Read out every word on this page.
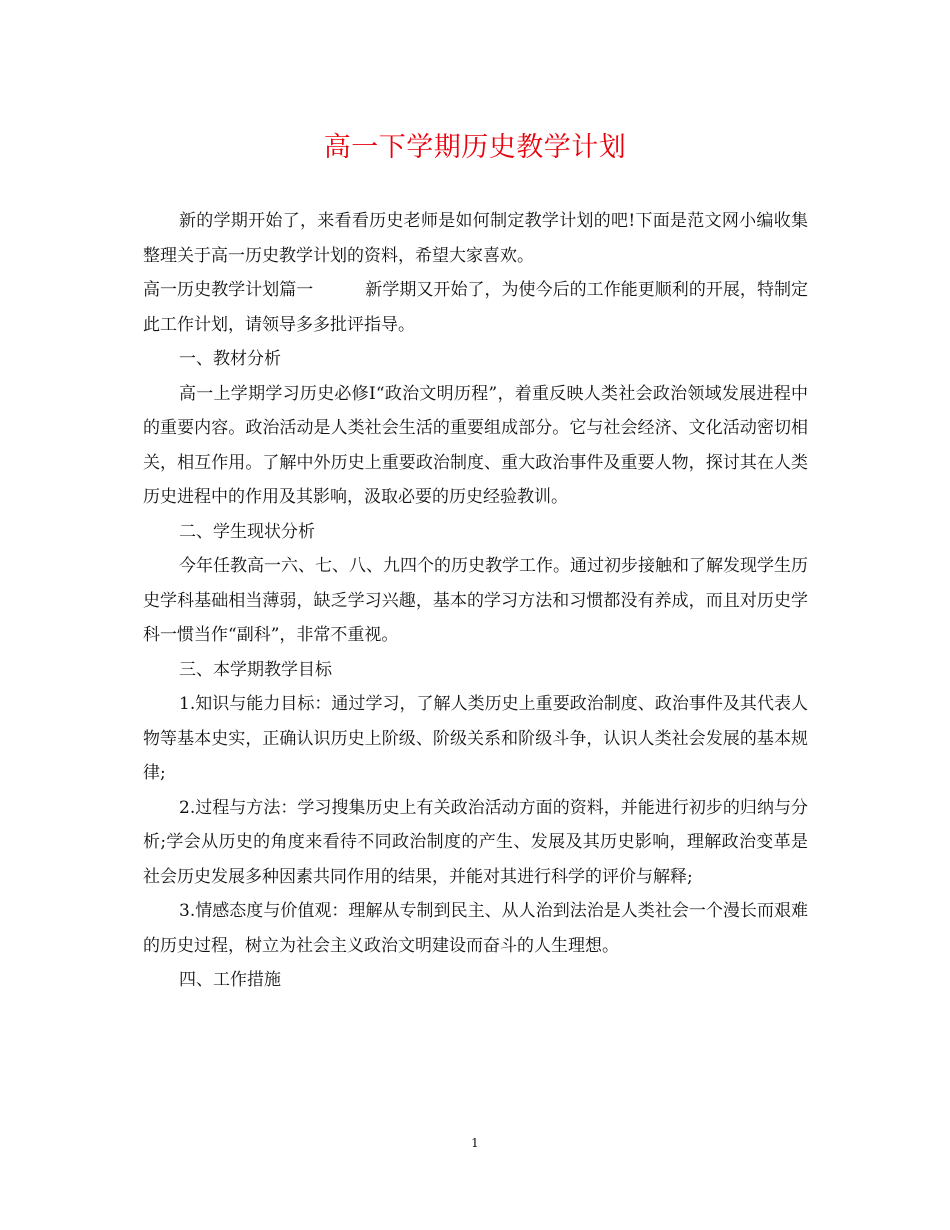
高一下学期历史教学计划

新的学期开始了，来看看历史老师是如何制定教学计划的吧!下面是范文网小编收集整理关于高一历史教学计划的资料，希望大家喜欢。

高一历史教学计划篇一	新学期又开始了，为使今后的工作能更顺利的开展，特制定此工作计划，请领导多多批评指导。

一、教材分析

高一上学期学习历史必修Ⅰ“政治文明历程”，着重反映人类社会政治领域发展进程中的重要内容。政治活动是人类社会生活的重要组成部分。它与社会经济、文化活动密切相关，相互作用。了解中外历史上重要政治制度、重大政治事件及重要人物，探讨其在人类历史进程中的作用及其影响，汲取必要的历史经验教训。

二、学生现状分析

今年任教高一六、七、八、九四个的历史教学工作。通过初步接触和了解发现学生历史学科基础相当薄弱，缺乏学习兴趣，基本的学习方法和习惯都没有养成，而且对历史学科一惯当作“副科”，非常不重视。

三、本学期教学目标

1.知识与能力目标：通过学习，了解人类历史上重要政治制度、政治事件及其代表人物等基本史实，正确认识历史上阶级、阶级关系和阶级斗争，认识人类社会发展的基本规律;

2.过程与方法：学习搜集历史上有关政治活动方面的资料，并能进行初步的归纳与分析;学会从历史的角度来看待不同政治制度的产生、发展及其历史影响，理解政治变革是社会历史发展多种因素共同作用的结果，并能对其进行科学的评价与解释;

3.情感态度与价值观：理解从专制到民主、从人治到法治是人类社会一个漫长而艰难的历史过程，树立为社会主义政治文明建设而奋斗的人生理想。

四、工作措施

1
